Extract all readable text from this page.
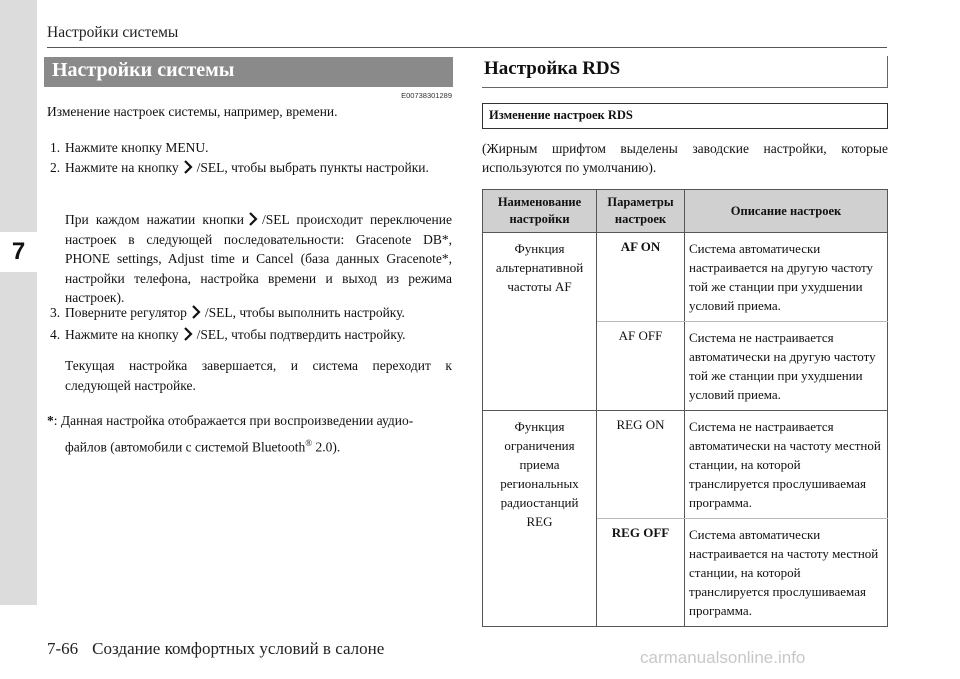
7
Настройки системы
Настройки системы
E00738301289
Изменение настроек системы, например, времени.
1. Нажмите кнопку MENU.
2. Нажмите на кнопку /SEL, чтобы выбрать пункты настройки.
При каждом нажатии кнопки /SEL происходит переключение настроек в следующей последовательности: Gracenote DB*, PHONE settings, Adjust time и Cancel (база данных Gracenote*, настройки телефона, настройка времени и выход из режима настроек).
3. Поверните регулятор /SEL, чтобы выполнить настройку.
4. Нажмите на кнопку /SEL, чтобы подтвердить настройку.
Текущая настройка завершается, и система переходит к следующей настройке.
*: Данная настройка отображается при воспроизведении аудио-
файлов (автомобили с системой Bluetooth® 2.0).
Настройка RDS
Изменение настроек RDS
(Жирным шрифтом выделены заводские настройки, которые используются по умолчанию).
Наименование настройки	Параметры настроек	Описание настроек
Функция альтернативной частоты AF	AF ON	Система автоматически настраивается на другую частоту той же станции при ухудшении условий приема.
	AF OFF	Система не настраивается автоматически на другую частоту той же станции при ухудшении условий приема.
Функция ограничения приема региональных радиостанций REG	REG ON	Система не настраивается автоматически на частоту местной станции, на которой транслируется прослушиваемая программа.
	REG OFF	Система автоматически настраивается на частоту местной станции, на которой транслируется прослушиваемая программа.
7-66 Создание комфортных условий в салоне	carmanualsonline.info
